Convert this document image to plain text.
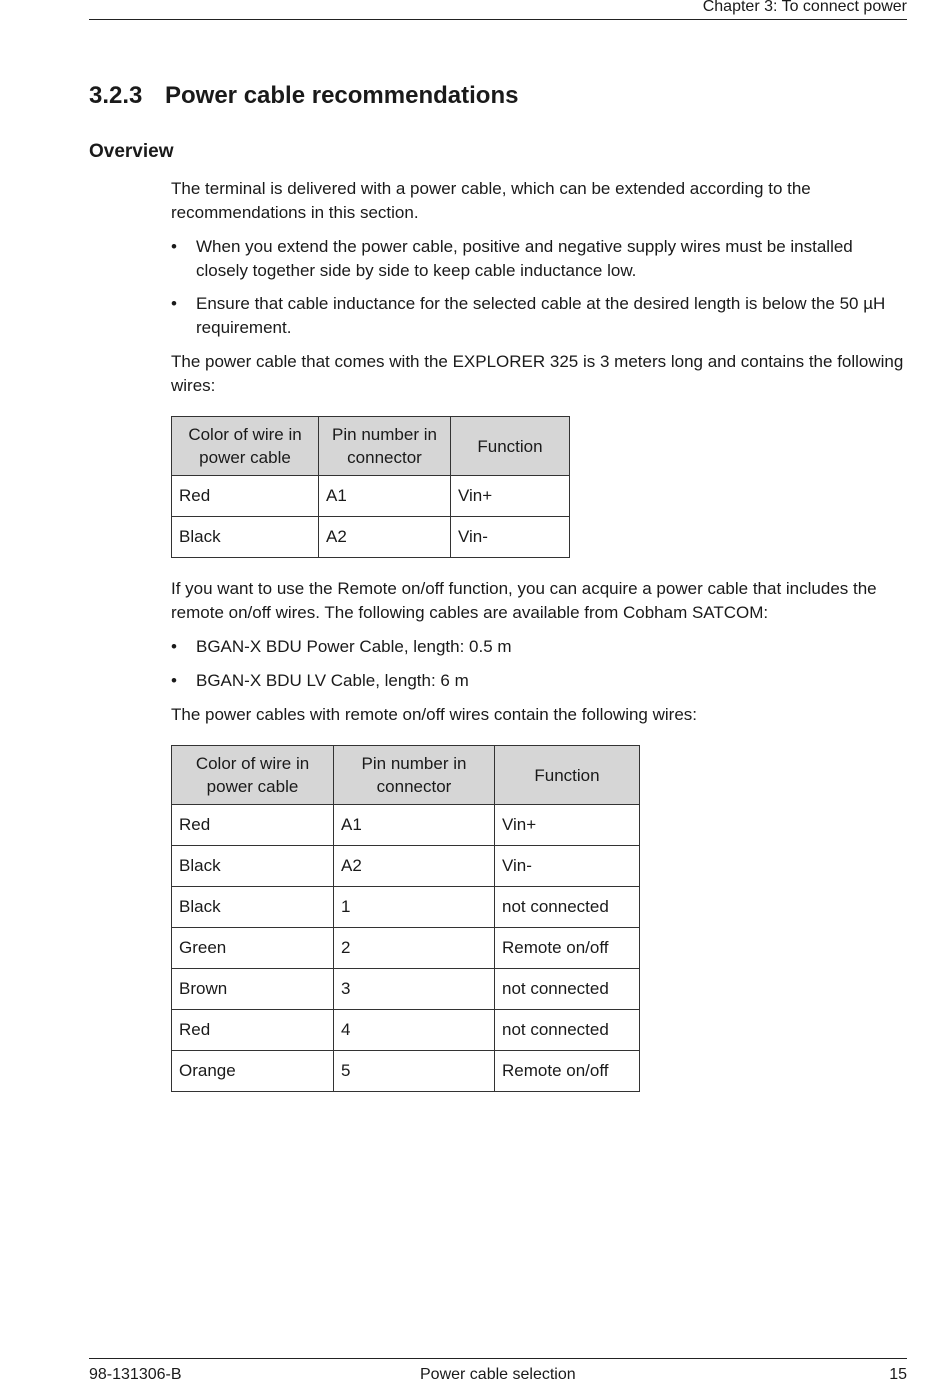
Chapter 3: To connect power
3.2.3 Power cable recommendations
Overview
The terminal is delivered with a power cable, which can be extended according to the recommendations in this section.
• When you extend the power cable, positive and negative supply wires must be installed closely together side by side to keep cable inductance low.
• Ensure that cable inductance for the selected cable at the desired length is below the 50 µH requirement.
The power cable that comes with the EXPLORER 325 is 3 meters long and contains the following wires:
Color of wire in power cable	Pin number in connector	Function
Red	A1	Vin+
Black	A2	Vin-
If you want to use the Remote on/off function, you can acquire a power cable that includes the remote on/off wires. The following cables are available from Cobham SATCOM:
• BGAN-X BDU Power Cable, length: 0.5 m
• BGAN-X BDU LV Cable, length: 6 m
The power cables with remote on/off wires contain the following wires:
Color of wire in power cable	Pin number in connector	Function
Red	A1	Vin+
Black	A2	Vin-
Black	1	not connected
Green	2	Remote on/off
Brown	3	not connected
Red	4	not connected
Orange	5	Remote on/off
98-131306-B	Power cable selection	15
